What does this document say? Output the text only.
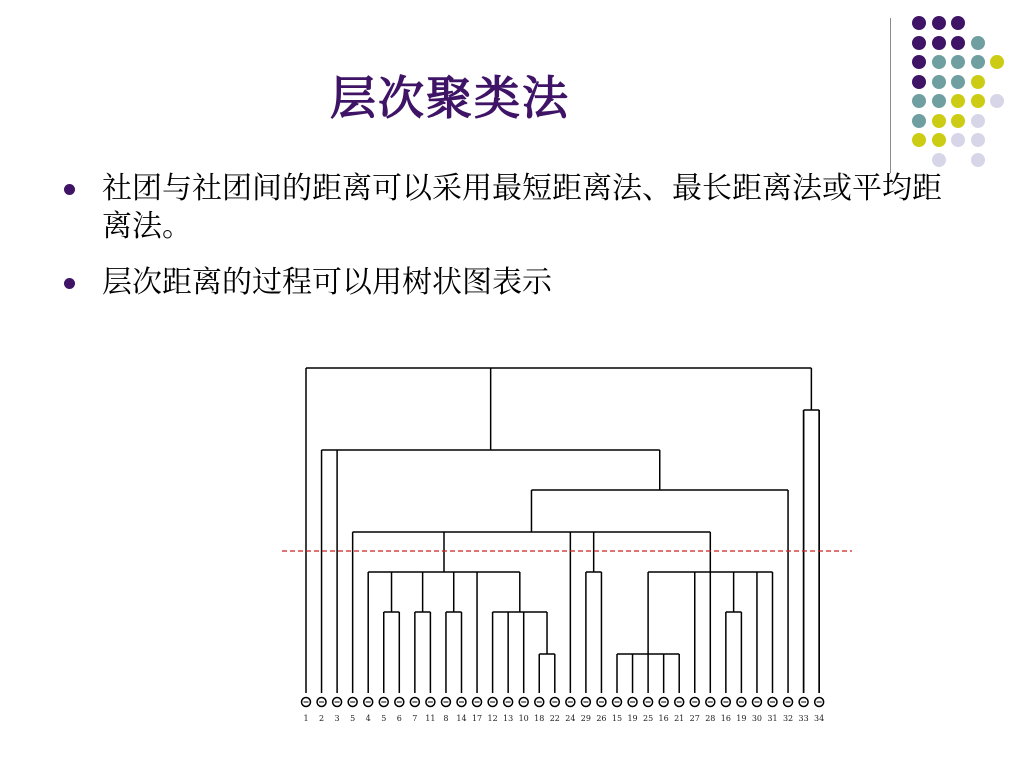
层次聚类法
社团与社团间的距离可以采用最短距离法、最长距离法或平均距离法。
层次距离的过程可以用树状图表示
1 2 3 5 4 5 6 7 11 8 14 17 12 13 10 18 22 24 29 26 15 19 25 16 21 27 28 16 19 30 31 32 33 34
